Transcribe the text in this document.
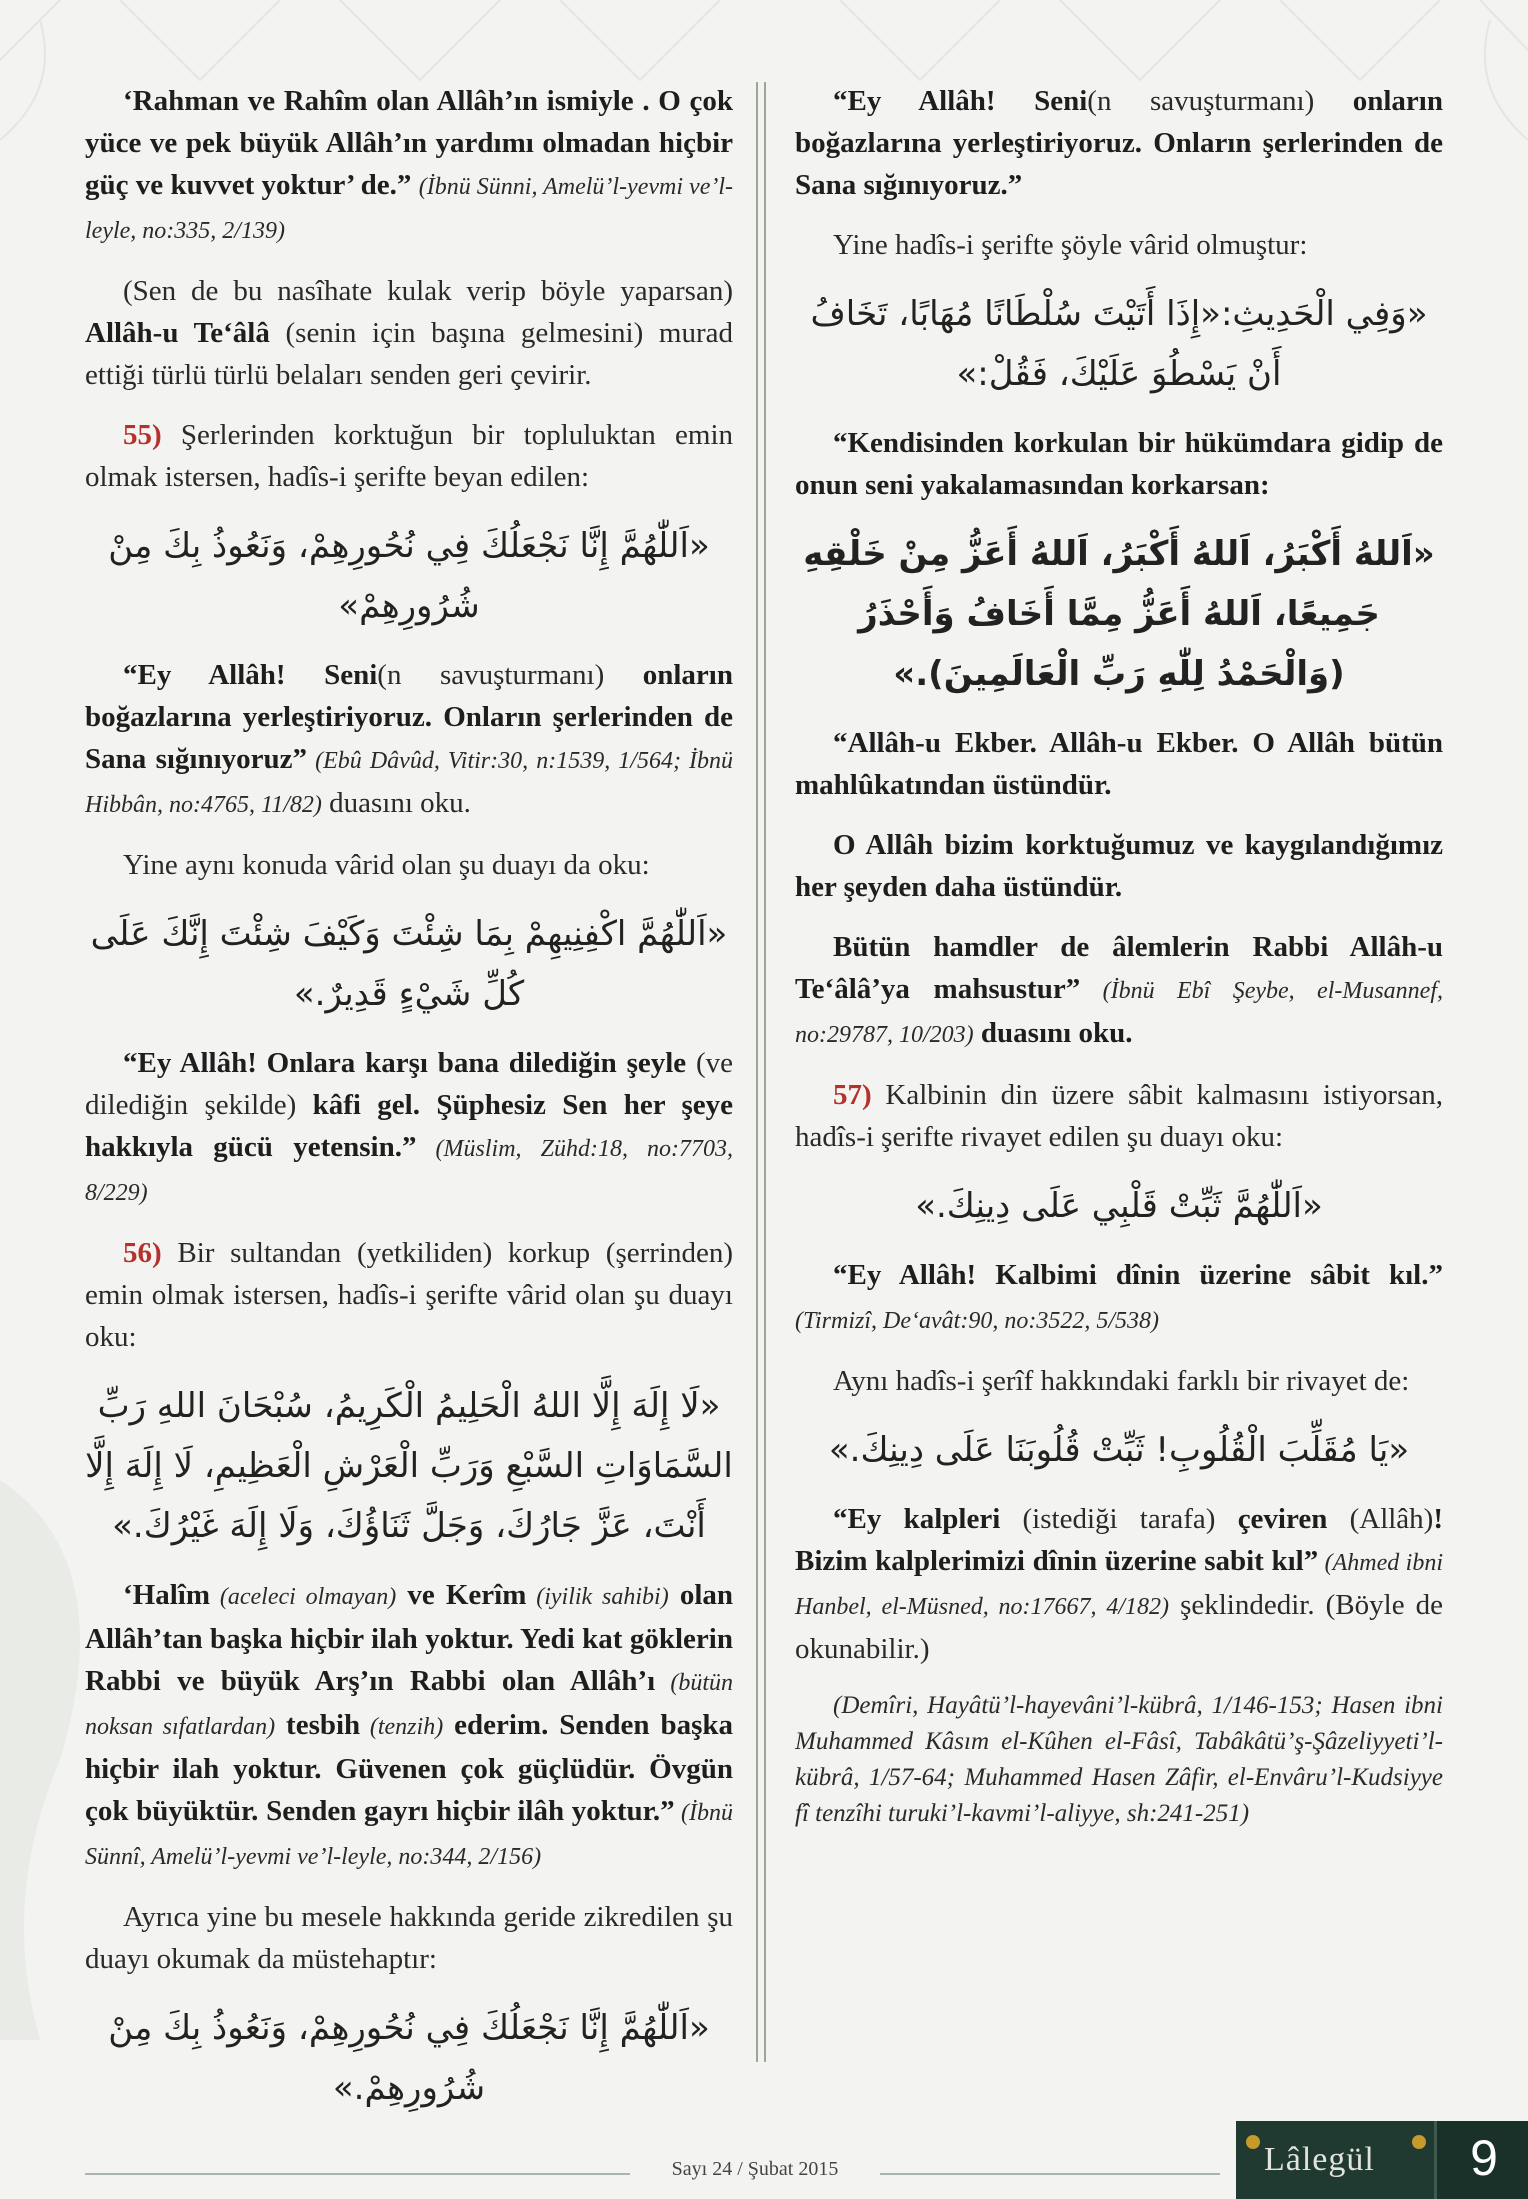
‘Rahman ve Rahîm olan Allâh’ın ismiyle . O çok yüce ve pek büyük Allâh’ın yardımı olmadan hiçbir güç ve kuvvet yoktur’ de.” (İbnü Sünni, Amelü’l-yevmi ve’l-leyle, no:335, 2/139)

(Sen de bu nasîhate kulak verip böyle yaparsan) Allâh-u Te‘âlâ (senin için başına gelmesini) murad ettiği türlü türlü belaları senden geri çevirir.

55) Şerlerinden korktuğun bir topluluktan emin olmak istersen, hadîs-i şerifte beyan edilen:

«اَللّٰهُمَّ إِنَّا نَجْعَلُكَ فِي نُحُورِهِمْ، وَنَعُوذُ بِكَ مِنْ شُرُورِهِمْ»

“Ey Allâh! Seni(n savuşturmanı) onların boğazlarına yerleştiriyoruz. Onların şerlerinden de Sana sığınıyoruz” (Ebû Dâvûd, Vitir:30, n:1539, 1/564; İbnü Hibbân, no:4765, 11/82) duasını oku.

Yine aynı konuda vârid olan şu duayı da oku:

«اَللّٰهُمَّ اكْفِنِيهِمْ بِمَا شِئْتَ وَكَيْفَ شِئْتَ إِنَّكَ عَلَى كُلِّ شَيْءٍ قَدِيرٌ.»

“Ey Allâh! Onlara karşı bana dilediğin şeyle (ve dilediğin şekilde) kâfi gel. Şüphesiz Sen her şeye hakkıyla gücü yetensin.” (Müslim, Zühd:18, no:7703, 8/229)

56) Bir sultandan (yetkiliden) korkup (şerrinden) emin olmak istersen, hadîs-i şerifte vârid olan şu duayı oku:

«لَا إِلَهَ إِلَّا اللهُ الْحَلِيمُ الْكَرِيمُ، سُبْحَانَ اللهِ رَبِّ السَّمَاوَاتِ السَّبْعِ وَرَبِّ الْعَرْشِ الْعَظِيمِ، لَا إِلَهَ إِلَّا أَنْتَ، عَزَّ جَارُكَ، وَجَلَّ ثَنَاؤُكَ، وَلَا إِلَهَ غَيْرُكَ.»

‘Halîm (aceleci olmayan) ve Kerîm (iyilik sahibi) olan Allâh’tan başka hiçbir ilah yoktur. Yedi kat göklerin Rabbi ve büyük Arş’ın Rabbi olan Allâh’ı (bütün noksan sıfatlardan) tesbih (tenzih) ederim. Senden başka hiçbir ilah yoktur. Güvenen çok güçlüdür. Övgün çok büyüktür. Senden gayrı hiçbir ilâh yoktur.” (İbnü Sünnî, Amelü’l-yevmi ve’l-leyle, no:344, 2/156)

Ayrıca yine bu mesele hakkında geride zikredilen şu duayı okumak da müstehaptır:

«اَللّٰهُمَّ إِنَّا نَجْعَلُكَ فِي نُحُورِهِمْ، وَنَعُوذُ بِكَ مِنْ شُرُورِهِمْ.»

“Ey Allâh! Seni(n savuşturmanı) onların boğazlarına yerleştiriyoruz. Onların şerlerinden de Sana sığınıyoruz.”

Yine hadîs-i şerifte şöyle vârid olmuştur:

«وَفِي الْحَدِيثِ:«إِذَا أَتَيْتَ سُلْطَانًا مُهَابًا، تَخَافُ أَنْ يَسْطُوَ عَلَيْكَ، فَقُلْ:»

“Kendisinden korkulan bir hükümdara gidip de onun seni yakalamasından korkarsan:

«اَللهُ أَكْبَرُ، اَللهُ أَكْبَرُ، اَللهُ أَعَزُّ مِنْ خَلْقِهِ جَمِيعًا، اَللهُ أَعَزُّ مِمَّا أَخَافُ وَأَحْذَرُ (وَالْحَمْدُ لِلّٰهِ رَبِّ الْعَالَمِينَ).»

“Allâh-u Ekber. Allâh-u Ekber. O Allâh bütün mahlûkatından üstündür.

O Allâh bizim korktuğumuz ve kaygılandığımız her şeyden daha üstündür.

Bütün hamdler de âlemlerin Rabbi Allâh-u Te‘âlâ’ya mahsustur” (İbnü Ebî Şeybe, el-Musannef, no:29787, 10/203) duasını oku.

57) Kalbinin din üzere sâbit kalmasını istiyorsan, hadîs-i şerifte rivayet edilen şu duayı oku:

«اَللّٰهُمَّ ثَبِّتْ قَلْبِي عَلَى دِينِكَ.»

“Ey Allâh! Kalbimi dînin üzerine sâbit kıl.” (Tirmizî, De‘avât:90, no:3522, 5/538)

Aynı hadîs-i şerîf hakkındaki farklı bir rivayet de:

«يَا مُقَلِّبَ الْقُلُوبِ! ثَبِّتْ قُلُوبَنَا عَلَى دِينِكَ.»

“Ey kalpleri (istediği tarafa) çeviren (Allâh)! Bizim kalplerimizi dînin üzerine sabit kıl” (Ahmed ibni Hanbel, el-Müsned, no:17667, 4/182) şeklindedir. (Böyle de okunabilir.)

(Demîri, Hayâtü’l-hayevâni’l-kübrâ, 1/146-153; Hasen ibni Muhammed Kâsım el-Kûhen el-Fâsî, Tabâkâtü’ş-Şâzeliyyeti’l-kübrâ, 1/57-64; Muhammed Hasen Zâfir, el-Envâru’l-Kudsiyye fî tenzîhi turuki’l-kavmi’l-aliyye, sh:241-251)

Sayı 24 / Şubat 2015	Lâlegül	9
